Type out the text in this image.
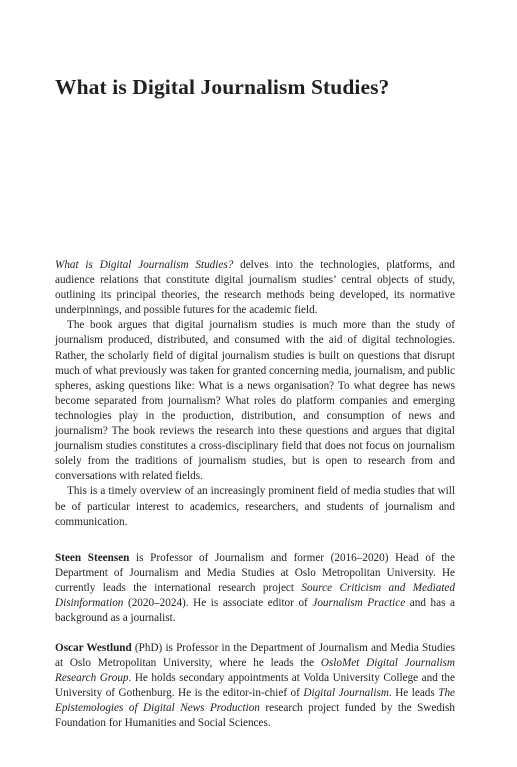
What is Digital Journalism Studies?

What is Digital Journalism Studies? delves into the technologies, platforms, and audience relations that constitute digital journalism studies’ central objects of study, outlining its principal theories, the research methods being developed, its normative underpinnings, and possible futures for the academic field.

The book argues that digital journalism studies is much more than the study of journalism produced, distributed, and consumed with the aid of digital technologies. Rather, the scholarly field of digital journalism studies is built on questions that disrupt much of what previously was taken for granted concerning media, journalism, and public spheres, asking questions like: What is a news organisation? To what degree has news become separated from journalism? What roles do platform companies and emerging technologies play in the production, distribution, and consumption of news and journalism? The book reviews the research into these questions and argues that digital journalism studies constitutes a cross-disciplinary field that does not focus on journalism solely from the traditions of journalism studies, but is open to research from and conversations with related fields.

This is a timely overview of an increasingly prominent field of media studies that will be of particular interest to academics, researchers, and students of journalism and communication.

Steen Steensen is Professor of Journalism and former (2016–2020) Head of the Department of Journalism and Media Studies at Oslo Metropolitan University. He currently leads the international research project Source Criticism and Mediated Disinformation (2020–2024). He is associate editor of Journalism Practice and has a background as a journalist.

Oscar Westlund (PhD) is Professor in the Department of Journalism and Media Studies at Oslo Metropolitan University, where he leads the OsloMet Digital Journalism Research Group. He holds secondary appointments at Volda University College and the University of Gothenburg. He is the editor-in-chief of Digital Journalism. He leads The Epistemologies of Digital News Production research project funded by the Swedish Foundation for Humanities and Social Sciences.
